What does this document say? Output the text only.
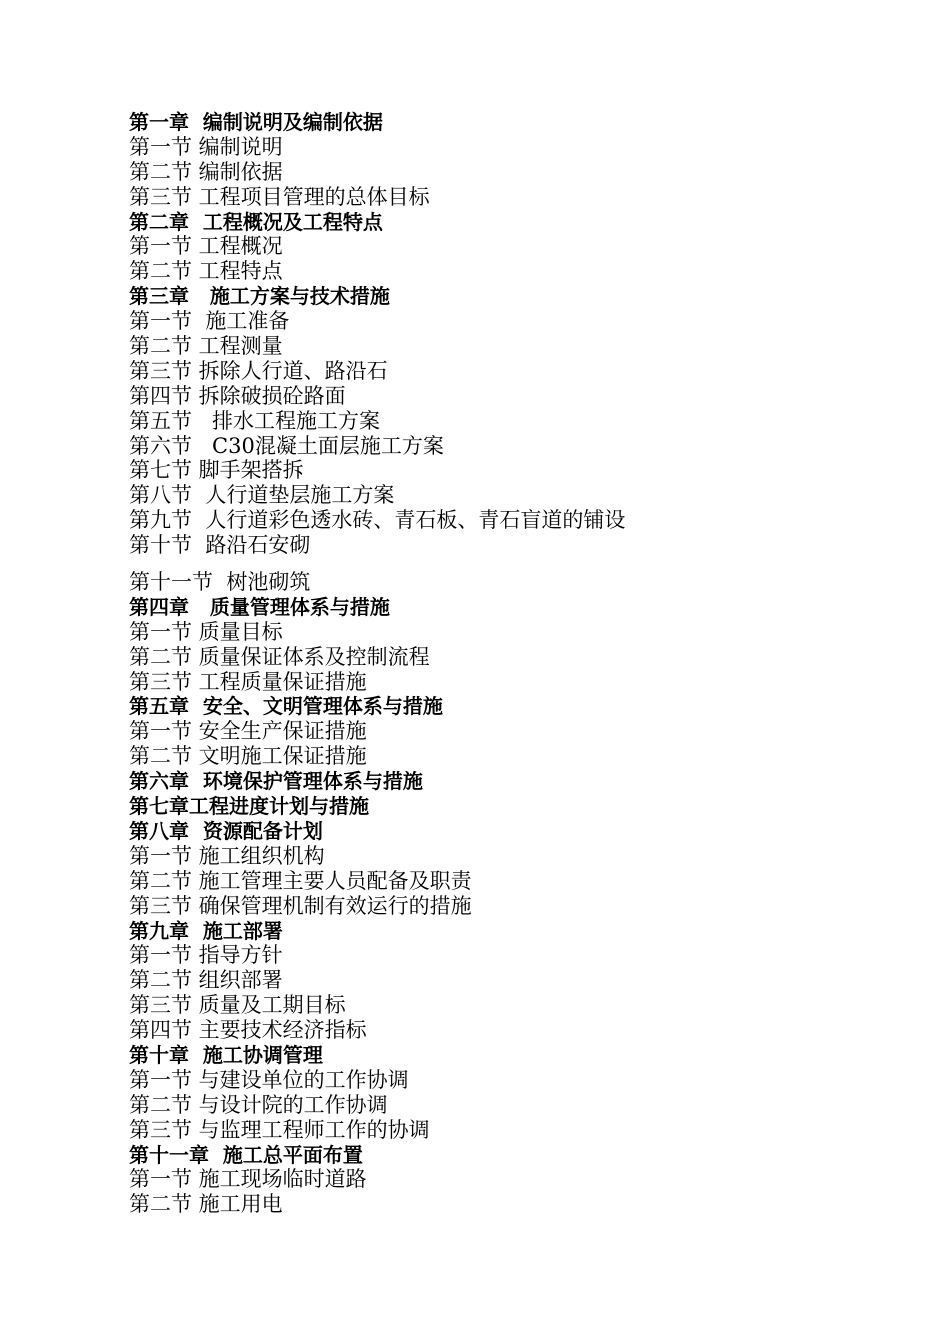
第一章  编制说明及编制依据
第一节 编制说明
第二节 编制依据
第三节 工程项目管理的总体目标
第二章  工程概况及工程特点
第一节 工程概况
第二节 工程特点
第三章   施工方案与技术措施
第一节  施工准备
第二节 工程测量
第三节 拆除人行道、路沿石
第四节 拆除破损砼路面
第五节   排水工程施工方案
第六节   C30混凝土面层施工方案
第七节 脚手架搭拆
第八节  人行道垫层施工方案
第九节  人行道彩色透水砖、青石板、青石盲道的铺设
第十节  路沿石安砌
第十一节  树池砌筑
第四章   质量管理体系与措施
第一节 质量目标
第二节 质量保证体系及控制流程
第三节 工程质量保证措施
第五章  安全、文明管理体系与措施
第一节 安全生产保证措施
第二节 文明施工保证措施
第六章  环境保护管理体系与措施
第七章工程进度计划与措施
第八章  资源配备计划
第一节 施工组织机构
第二节 施工管理主要人员配备及职责
第三节 确保管理机制有效运行的措施
第九章  施工部署
第一节 指导方针
第二节 组织部署
第三节 质量及工期目标
第四节 主要技术经济指标
第十章  施工协调管理
第一节 与建设单位的工作协调
第二节 与设计院的工作协调
第三节 与监理工程师工作的协调
第十一章  施工总平面布置
第一节 施工现场临时道路
第二节 施工用电
